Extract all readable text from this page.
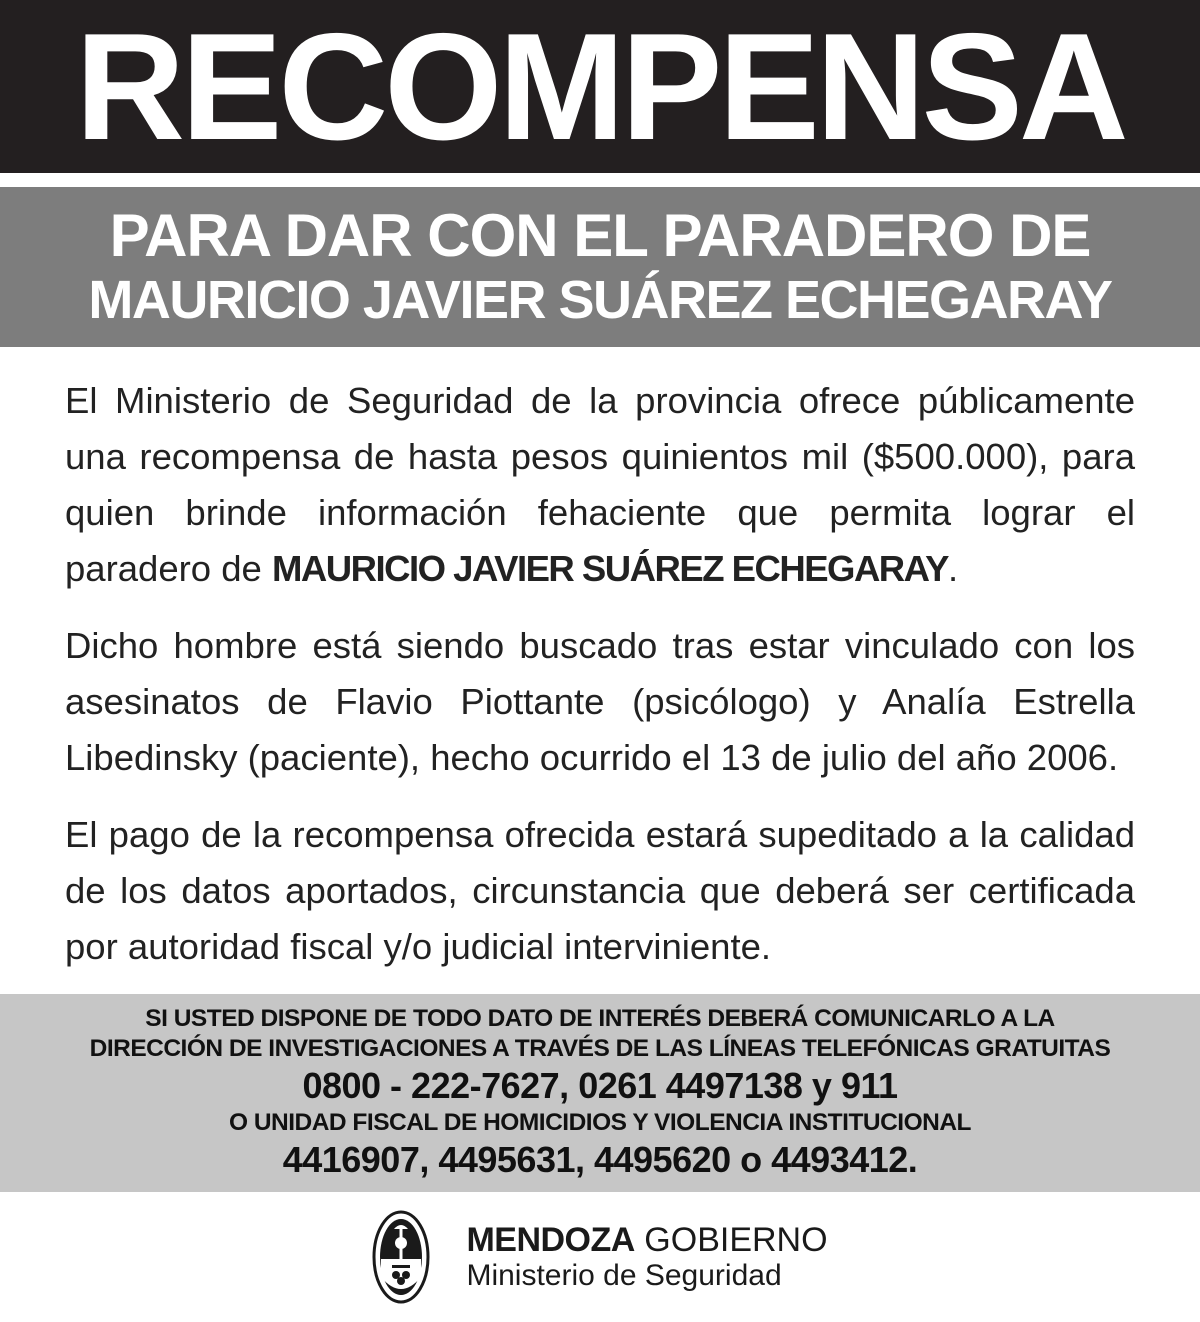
RECOMPENSA
PARA DAR CON EL PARADERO DE
MAURICIO JAVIER SUÁREZ ECHEGARAY

El Ministerio de Seguridad de la provincia ofrece públicamente una recompensa de hasta pesos quinientos mil ($500.000), para quien brinde información fehaciente que permita lograr el paradero de MAURICIO JAVIER SUÁREZ ECHEGARAY.

Dicho hombre está siendo buscado tras estar vinculado con los asesinatos de Flavio Piottante (psicólogo) y Analía Estrella Libedinsky (paciente), hecho ocurrido el 13 de julio del año 2006.

El pago de la recompensa ofrecida estará supeditado a la calidad de los datos aportados, circunstancia que deberá ser certificada por autoridad fiscal y/o judicial interviniente.

SI USTED DISPONE DE TODO DATO DE INTERÉS DEBERÁ COMUNICARLO A LA
DIRECCIÓN DE INVESTIGACIONES A TRAVÉS DE LAS LÍNEAS TELEFÓNICAS GRATUITAS
0800 - 222-7627, 0261 4497138 y 911
O UNIDAD FISCAL DE HOMICIDIOS Y VIOLENCIA INSTITUCIONAL
4416907, 4495631, 4495620 o 4493412.
MENDOZA GOBIERNO
Ministerio de Seguridad
